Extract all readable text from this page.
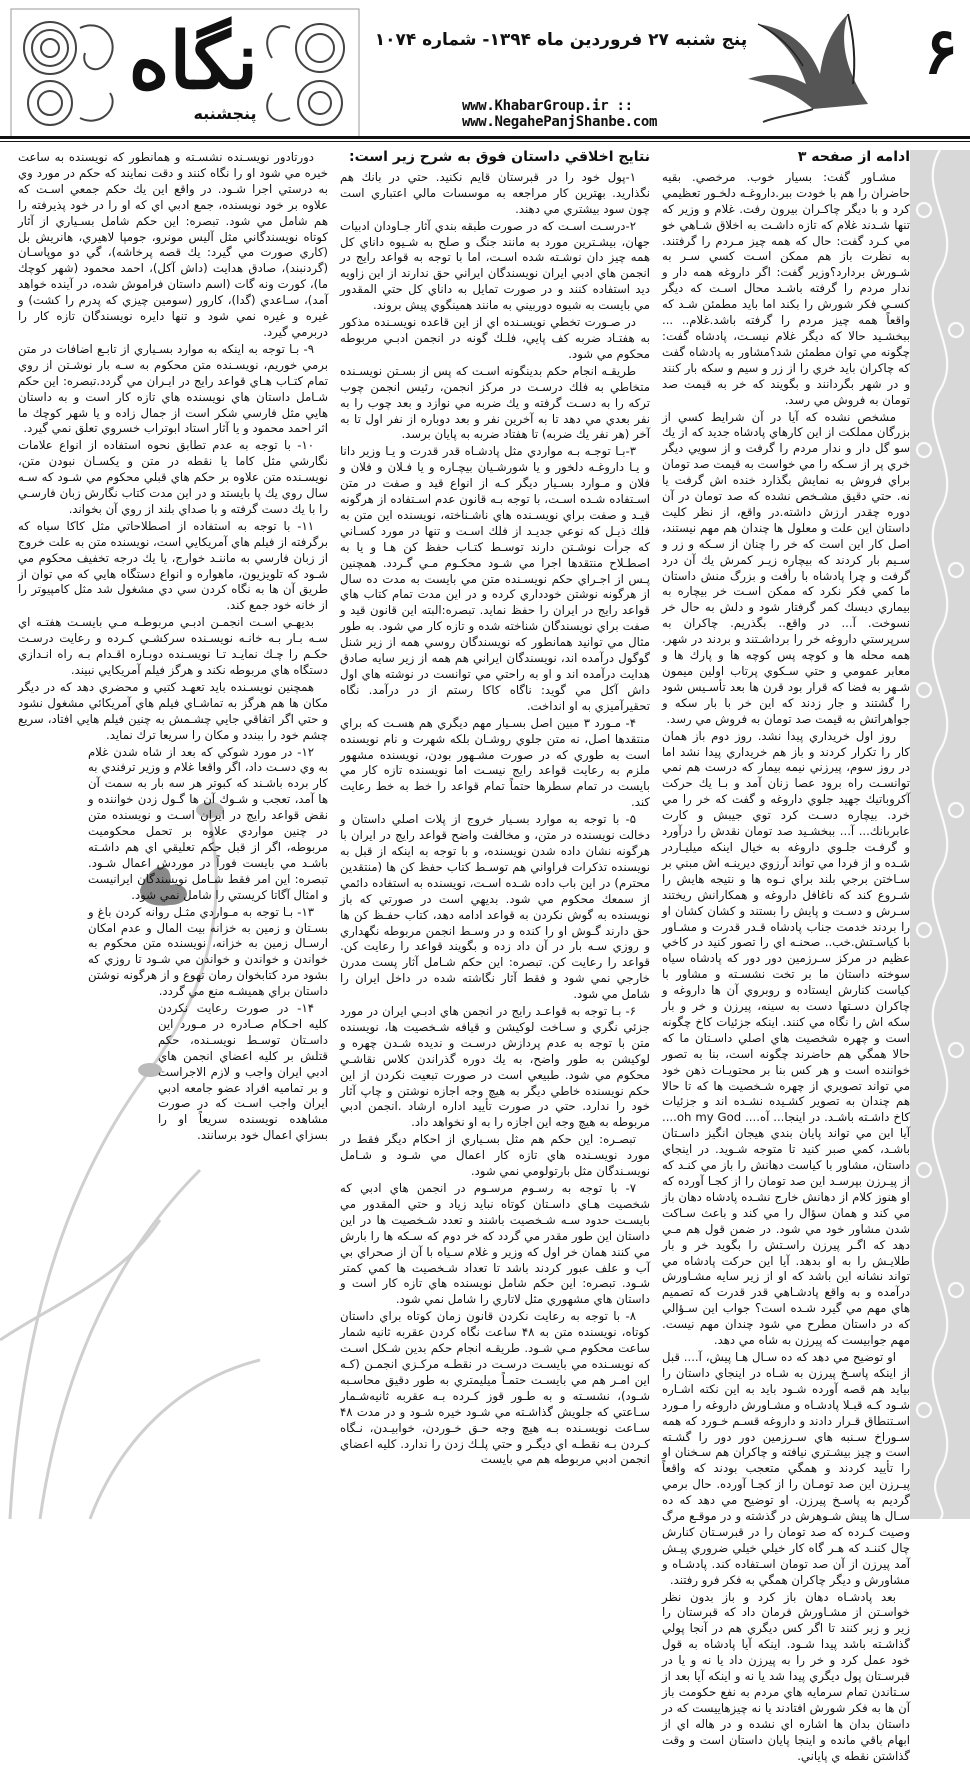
۶
پنج شنبه ۲۷ فروردین ماه ۱۳۹۴- شماره ۱۰۷۴
www.KhabarGroup.ir :: www.NegahePanjShanbe.com
نگاه
پنجشنبه
ادامه از صفحه ۳

مشـاور گفت: بسيار خوب. مرخصي. بقيه حاضران را هم با خودت ببر.داروغـه دلخـور تعظيمي كرد و با ديگر چاكـران بيرون رفت. غلام و وزير كه تنها شـدند غلام كه تازه داشـت به اخلاق شـاهي خو مي كـرد گفت: حال كه همه چيز مـردم را گرفتند. به نظرت باز هم ممكن اسـت كسي سـر به شـورش بردارد؟وزير گفت: اگر داروغه همه دار و ندار مردم را گرفته باشـد محال اسـت كه ديگر كسـي فكر شورش را بكند اما بايد مطمئن شـد كه واقعاً همه چيز مردم را گرفته باشد.غلام.. ... ببخشـيد حالا كه ديگر غلام نيسـت، پادشاه گفت: چگونه مي توان مطمئن شد؟مشاور به پادشاه گفت كه چاكران بايد خري را از زر و سيم و سكه بار كنند و در شهر بگردانند و بگويند كه خر به قيمت صد تومان به فروش مي رسد.

مشخص نشده كه آيا در آن شرايط كسي از بزرگان مملكت از اين كارهاي پادشاه جديد كه از يك سو گل دار و ندار مردم را گرفت و از سويي ديگر خري پر از سـكه را مي خواست به قيمت صد تومان براي فروش به نمايش بگذارد خنده اش گرفت يا نه. حتي دقيق مشـخص نشده كه صد تومان در آن دوره چقدر ارزش داشته.در واقع، از نظر كليت داستان اين علت و معلول ها چندان هم مهم نيستند، اصل كار اين است كه خر را چنان از سـكه و زر و سـيم بار كردند كه بيچاره زيـر كمرش يك آن درد گرفت و چرا پادشاه با رأفت و بزرگ منش داستان ما كمي فكر نكرد كه ممكن اسـت خر بيچاره به بيماري ديسك كمر گرفتار شود و دلش به حال خر نسوخت. آ... در واقع.. بگذريم. چاكران به سرپرستي داروغه خر را برداشـتند و بردند در شهر. همه محله ها و كوچه پس كوچه ها و پارك ها و معابر عمومي و حتي سـكوي پرتاب اولين ميمون شـهر به فضا كه قرار بود قرن ها بعد تأسـيس شود را گشتند و جار زدند كه اين خر با بار سكه و جواهراتش به قيمت صد تومان به فروش مي رسد.

روز اول خريداري پيدا نشد. روز دوم باز همان كار را تكرار كردند و باز هم خريداري پيدا نشد اما در روز سوم، پيرزني نيمه بيمار كه درست هم نمي توانسـت راه برود عصا زنان آمد و بـا يك حركت آكروباتيك جهيد جلوي داروغه و گفت كه خر را مي خرد. بيچاره دسـت كرد توي جيبش و كارت عابربانك... آ... ببخشـيد صد تومان نقدش را درآورد و گرفـت جلـوي داروغه به خيال اينكه ميليـاردر شـده و از فردا مي تواند آرزوي ديرينـه اش مبني بر سـاختن برجي بلند براي نـوه ها و نتيجه هايش را شـروع كند كه ناغافل داروغه و همكارانش ريختند سـرش و دسـت و پايش را بستند و كشان كشان او را بردند خدمت جناب پادشاه قـدر قدرت و مشـاور با كياسـتش.خب.. صحنـه اي را تصور كنيد در كاخي عظيم در مركز سـرزمين دور دور كه پادشاه سياه سوخته داستان ما بر تخت نشسـته و مشاور با كياست كنارش ايستاده و روبروي آن ها داروغه و چاكران دسـتها دست به سينه، پيرزن و خر و بار سكه اش را نگاه مي كنند. اينكه جزئيات كاخ چگونه است و چهره شخصيت هاي اصلي داسـتان ما كه حالا همگي هم حاضرند چگونه است، بنا به تصور خواننده است و هر كس بنا بر محتويـات ذهن خود مي تواند تصويري از چهره شـخصيت ها كه تا حالا هم چندان به تصوير كشـيده نشـده اند و جزئيات كاخ داشـته باشـد. در اينجا... آه.... oh my God.... آيا اين مي تواند پايان بندي هيجان انگيز داسـتان باشـد، كمي صبر كنيد تا متوجه شـويد. در اينجاي داستان، مشاور با كياست دهانش را باز مي كنـد كه از پيـرزن بپرسـد اين صد تومان را از كجـا آورده كه او هنوز كلام از دهانش خارج نشـده پادشاه دهان باز مي كند و همان سؤال را مي كند و باعث سـاكت شدن مشاور خود مي شود. در ضمن قول هم مـي دهد كه اگـر پيرزن راسـتش را بگويد خر و بار طلايـش را به او بدهد. آيا اين حركت پادشاه مي تواند نشانه اين باشد كه او از زير سايه مشـاورش درآمده و به واقع پادشـاهي قدر قدرت كه تصميم هاي مهم مي گيرد شـده است؟ جواب اين سـؤالي كه در داستان مطرح مي شود چندان مهم نيست. مهم جوابيست كه پيرزن به شاه مي دهد.

او توضيح مي دهد كه ده سـال هـا پيش، آ.... قبل از اينكه پاسـخ پيرزن به شـاه در اينجاي داستان را بيايد هم قصه آورده شـود بايد به اين نكته اشـاره شـود كـه قبـلا پادشـاه و مشـاورش داروغه را مـورد اسـتنطاق قـرار دادند و داروغه قسـم خـورد كه همه سـوراخ سـنبه هاي سـرزمين دور دور را گشـته است و چيز بيشـتري نيافته و چاكران هم سـخنان او را تأييد كردند و همگي متعجب بودند كه واقعاً پيـرزن اين صد تومـان را از كجـا آورده. حال برمي گرديم به پاسـخ پيرزن. او توضيح مي دهد كه ده سـال ها پيش شـوهرش در گذشته و در موقـع مرگ وصيت كـرده كه صد تومان را در قبرسـتان كنارش چال كننـد كه هـر گاه كار خيلي خيلي ضروري پيـش آمد پيرزن از آن صد تومان اسـتفاده كند. پادشـاه و مشاورش و ديگر چاكران همگي به فكر فرو رفتند.

بعد پادشـاه دهان باز كرد و باز بدون نظر خواسـتن از مشـاورش فرمان داد كه قبرستان را زير و زبر كنند تا اگر كس ديگري هم در آنجا پولي گذاشـته باشد پيدا شـود. اينكه آيا پادشاه به قول خود عمل كرد و خر را به پيرزن داد يا نه و يا در قبرسـتان پول ديگري پيدا شد يا نه و اينكه آيا بعد از سـتاندن تمام سرمايه هاي مردم به نفع حكومت باز آن ها به فكر شورش افتادند يا نه چيزهاييست كه در داستان بدان ها اشاره اي نشده و در هاله اي از ابهام باقي مانده و اينجا پايان داستان است و وقت گذاشتن نقطه ي پاياني.

نتايج اخلاقي داستان فوق به شرح زير است:

۱-پول خود را در قبرستان قايم نكنيد. حتي در بانك هم نگذاريد. بهترين كار مراجعه به موسسات مالي اعتباري است چون سود بيشتري مي دهند.

۲-درسـت اسـت كه در صورت طبقه بندي آثار جـاودان ادبيات جهان، بيشـترين مورد به مانند جنگ و صلح به شـيوه داناي كل همه چيز دان نوشـته شده اسـت، اما با توجه به قواعد رايج در انجمن هاي ادبي ايران نويسندگان ايراني حق ندارند از اين زاويه ديد استفاده كنند و در صورت تمايل به داناي كل حتي المقدور مي بايست به شيوه دوربيني به مانند همينگوي پيش بروند.

در صـورت تخطي نويسـنده اي از اين قاعده نويسـنده مذكور به هفتـاد ضربه كف پايي، فلـك گونه در انجمن ادبـي مربوطه محكوم مي شود.

طريقـه انجام حكم بدينگونه اسـت كه پس از بسـتن نويسـنده متخاطي به فلك درسـت در مركز انجمن، رئيس انجمن چوب تركه را به دسـت گرفته و يك ضربه مي نوازد و بعد چوب را به نفر بعدي مي دهد تا به آخرين نفر و بعد دوباره از نفر اول تا به آخر (هر نفر يك ضربه) تا هفتاد ضربه به پايان برسد.

۳-بـا توجـه بـه مواردي مثل پادشـاه قدر قدرت و يـا وزير دانا و يـا داروغـه دلخور و يا شورشـيان بيچـاره و يا فـلان و فلان و فلان و مـوارد بسـيار ديگر كـه از انواع قيد و صفت در متن اسـتفاده شـده اسـت، با توجه بـه قانون عدم اسـتفاده از هرگونه قيـد و صفت براي نويسـنده هاي ناشـناخته، نويسنده اين متن به فلك ذيـل كه نوعي جديـد از فلك اسـت و تنها در مورد كسـاني كه جرأت نوشـتن دارند توسـط كتـاب حفظ كن هـا و يا به اصطـلاح منتقدها اجرا مي شـود محكـوم مـي گـردد. همچنين پـس از اجـراي حكم نويسـنده متن مي بايست به مدت ده سال از هرگونه نوشتن خودداري كرده و در اين مدت تمام كتاب هاي قواعد رايج در ايران را حفظ نمايد. تبصره:البته اين قانون قيد و صفت براي نويسندگان شناخته شده و تازه كار مي شود. به طور مثال مي توانيد همانطور كه نويسندگان روسي همه از زير شنل گوگول درآمده اند، نويسندگان ايراني هم همه از زير سايه صادق هدايت درآمده اند و او به راحتي مي توانست در نوشته هاي اول داش آكل مي گويد: ناگاه كاكا رستم از در درآمد. نگاه تحقيرآميزي به او انداخت.

۴- مـورد ۳ مبين اصل بسـيار مهم ديگري هم هسـت كه براي منتقدها اصل، نه متن جلوي روشـان بلكه شهرت و نام نويسنده است به طوري كه در صورت مشـهور بودن، نويسنده مشهور ملزم به رعايت قواعد رايج نيسـت اما نويسنده تازه كار مي بايست در تمام سطرها حتماً تمام قواعد را خط به خط رعايت كند.

۵- با توجه به موارد بسـيار خروج از پلات اصلي داستان و دخالت نويسنده در متن، و مخالفت واضح قواعد رايج در ايران با هرگونه نشان داده شدن نويسنده، و با توجه به اينكه از قبل به نويسنده تذكرات فراواني هم توسـط كتاب حفظ كن ها (منتقدين محترم) در اين باب داده شـده اسـت، نويسنده به استفاده دائمي از سمعك محكوم مي شود. بديهي است در صورتي كه باز نويسنده به گوش نكردن به قواعد ادامه دهد، كتاب حفـظ كن ها حق دارند گـوش او را كنده و در وسـط انجمن مربوطه نگهداري و روزي سـه بار در آن داد زده و بگويند قواعد را رعايت كن. قواعد را رعايت كن. تبصره: اين حكم شـامل آثار پست مدرن خارجي نمي شود و فقط آثار نگاشته شده در داخل ايران را شامل مي شود.

۶- بـا توجه به قواعـد رايج در انجمن هاي ادبـي ايران در مورد جزئي نگري و سـاخت لوكيشن و قيافه شـخصيت ها، نويسنده متن با توجه به عدم پردازش درسـت و نديده شـدن چهره و لوكيشن به طور واضح، به يك دوره گذراندن كلاس نقاشـي محكوم مي شود. طبيعي است در صورت تبعيت نكردن از اين حكم نويسنده خاطي ديگر به هيچ وجه اجازه نوشتن و چاپ آثار خود را ندارد. حتي در صورت تأييد اداره ارشاد .انجمن ادبي مربوطه به هيچ وجه اين اجازه را به او نخواهد داد.

تبصـره: اين حكم هم مثل بسـياري از احكام ديگر فقط در مورد نويسـنده هاي تازه كار اعمال مي شـود و شـامل نويسـندگان مثل بارتولومي نمي شود.

۷- با توجه به رسـوم مرسـوم در انجمن هاي ادبي كه شخصيت هـاي داسـتان كوتاه نبايد زياد و حتي المقدور مي بايسـت حدود سـه شـخصيت باشند و تعدد شـخصيت ها در اين داستان اين طور مقدر مي گردد كه خر دوم كه سـكه ها را بارش مي كنند همان خر اول كه وزير و غلام سـياه با آن از صحراي بي آب و علف عبور كردند باشد تا تعداد شـخصيت ها كمي كمتر شـود. تبصره: اين حكم شامل نويسنده هاي تازه كار است و داستان هاي مشهوري مثل لاتاري را شامل نمي شود.

۸- با توجه به رعايت نكردن قانون زمان كوتاه براي داستان كوتاه، نويسنده متن به ۴۸ ساعت نگاه كردن عقربه ثانيه شمار ساعت محكوم مـي شـود. طريقـه انجام حكم بدين شـكل اسـت كه نويسـنده مي بايسـت درسـت در نقطـه مركـزي انجمـن (كـه اين امـر هم مي بايسـت حتمـاً ميليمتري به طور دقيق محاسـبه شـود)، نشسـته و به طـور قوز كـرده بـه عقربه ثانيه‌شـمار سـاعتي كه جلويش گذاشـته مي شـود خيره شـود و در مدت ۴۸ سـاعت نويسـنده بـه هيچ وجه حـق خـوردن، خوابيـدن، نـگاه كـردن بـه نقطـه اي ديگـر و حتي پلـك زدن را ندارد. كليه اعضاي انجمن ادبي مربوطه هم مي بايست

دورتادور نويسـنده نشسـته و همانطور كه نويسنده به ساعت خيره مي شود او را نگاه كنند و دقت نمايند كه حكم در مورد وي به درستي اجرا شـود. در واقع اين يك حكم جمعي اسـت كه علاوه بر خود نويسنده، جمع ادبي اي كه او را در خود پذيرفته را هم شامل مي شود. تبصره: اين حكم شامل بسـياري از آثار كوتاه نويسندگاني مثل آليس مونرو، جومپا لاهيري، هانريش بل (كاري صورت مي گيرد: يك قصه پرخاشه)، گي دو موپاسـان (گردنبند)، صادق هدايت (داش آكل)، احمد محمود (شهر كوچك ما)، كورت ونه گات (اسم داستان فراموش شده، در آينده خواهد آمد)، سـاعدي (گدا)، كارور (سومين چيزي كه پدرم را كشت) و غيره و غيره نمي شود و تنها دايره نويسندگان تازه كار را دربرمي گيرد.

۹- بـا توجه به اينكه به موارد بسـياري از تابـع اضافات در متن برمي خوريم، نويسـنده متن محكوم به سـه بار نوشـتن از روي تمام كتـاب هـاي قواعد رايج در ايـران مي گردد.تبصره: اين حكم شـامل داستان هاي نويسنده هاي تازه كار است و به داستان هايي مثل فارسي شكر است از جمال زاده و يا شهر كوچك ما اثر احمد محمود و يا آثار استاد ابوتراب خسروي تعلق نمي گيرد.

۱۰- با توجه به عدم تطابق نحوه استفاده از انواع علامات نگارشي مثل كاما يا نقطه در متن و يكسـان نبودن متن، نويسـنده متن علاوه بر حكم هاي قبلي محكوم مي شـود كه سـه سال روي يك پا بايستد و در اين مدت كتاب نگارش زبان فارسـي را با يك دست گرفته و با صداي بلند از روي آن بخواند.

۱۱- با توجه به استفاده از اصطلاحاتي مثل كاكا سياه كه برگرفته از فيلم هاي آمريكايي است، نويسنده متن به علت خروج از زبان فارسي به ماننـد خوارج، يا يك درجه تخفيف محكوم مي شـود كه تلويزيون، ماهواره و انواع دستگاه هايي كه مي توان از طريق آن ها به نگاه كردن سي دي مشغول شد مثل كامپيوتر را از خانه خود جمع كند.

بديهـي اسـت انجمـن ادبـي مربوطـه مـي بايسـت هفتـه اي سـه بـار بـه خانـه نويسـنده سركشـي كـرده و رعايت درسـت حكـم را چـك نمايـد تـا نويسـنده دوبـاره اقـدام بـه راه انـدازي دستگاه هاي مربوطه نكند و هرگز فيلم آمريكايي نبيند.

همچنين نويسـنده بايد تعهـد كتبي و محضري دهد كه در ديگر مكان ها هم هرگز به تماشـاي فيلم هاي آمريكائي مشغول نشود و حتي اگر اتفاقي جايي چشـمش به چنين فيلم هايي افتاد، سريع چشم خود را ببندد و مكان را سريعا ترك نمايد.

۱۲- در مورد شوكي كه بعد از شاه شدن غلام به وي دسـت داد، اگر واقعا غلام و وزير ترفندي به كار برده باشـند كه كبوتر هر سه بار به سمت آن ها آمد، تعجب و شـوك آن ها گـول زدن خواننده و نقض قواعد رايج در ايران اسـت و نويسنده متن در چنين مواردي علاوه بر تحمل محكوميت مربوطه، اگر از قبل حكم تعليقي اي هم داشـته باشـد مي بايست فوراً در موردش اعمال شـود. تبصره: اين امر فقط شـامل نويسندگان ايرانيست و امثال آگاتا كريستي را شامل نمي شود.

۱۳- بـا توجه به مـواردي مثـل روانه كردن باغ و بسـتان و زمين به خزانه بيت المال و عدم امكان ارسـال زمين به خزانه، نويسنده متن محكوم به خواندن و خواندن و خواندن مي شـود تا روزي كه بشود مرد كتابخوان رمان تهوع و از هرگونه نوشتن داستان براي هميشـه منع مي گردد.

۱۴- در صورت رعايت نكردن كليه احـكام صـادره در مـورد اين داسـتان توسـط نويسـنده، حكم قتلش بر كليه اعضاي انجمن هاي ادبي ايران واجب و لازم الاجراست و بر تماميه افراد عضو جامعه ادبي ايران واجب اسـت كه در صورت مشاهده نويسنده سريعاً او را بسزاي اعمال خود برسانند.
